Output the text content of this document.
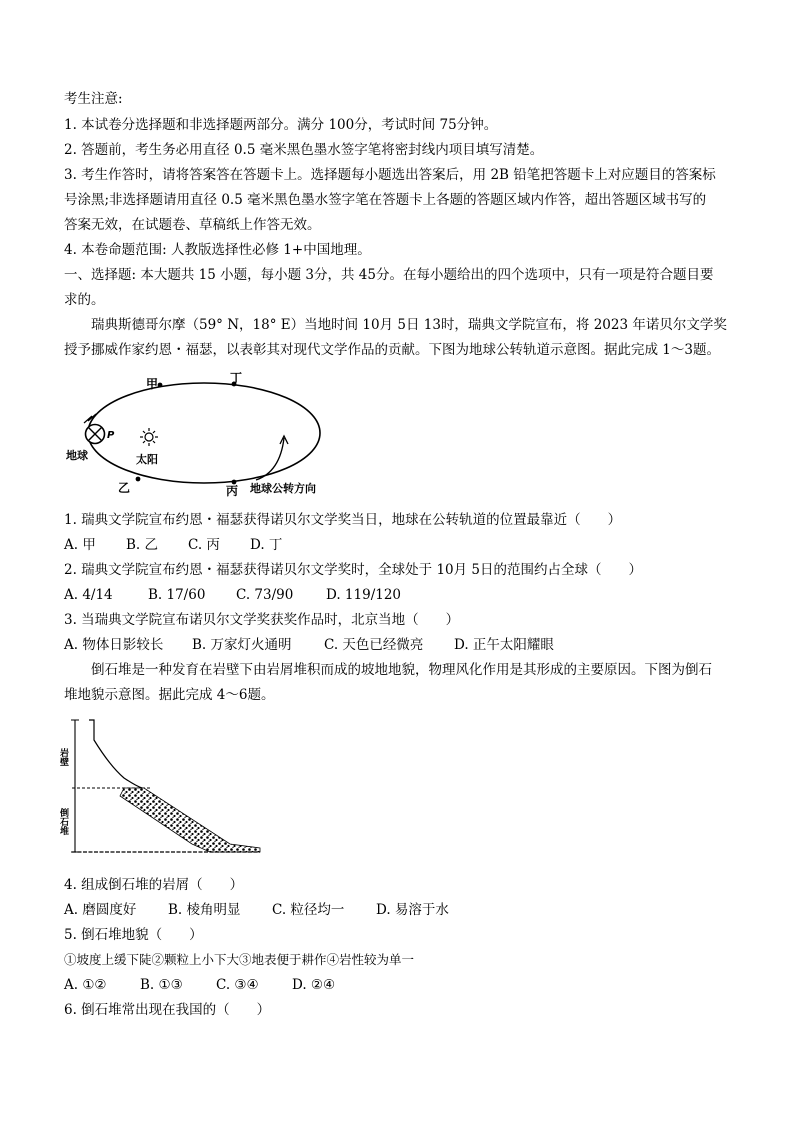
考生注意:
1. 本试卷分选择题和非选择题两部分。满分 100分，考试时间 75分钟。
2. 答题前，考生务必用直径 0.5 毫米黑色墨水签字笔将密封线内项目填写清楚。
3. 考生作答时，请将答案答在答题卡上。选择题每小题选出答案后，用 2B 铅笔把答题卡上对应题目的答案标
号涂黑;非选择题请用直径 0.5 毫米黑色墨水签字笔在答题卡上各题的答题区域内作答，超出答题区域书写的
答案无效，在试题卷、草稿纸上作答无效。
4. 本卷命题范围: 人教版选择性必修 1+中国地理。
一、选择题: 本大题共 15 小题，每小题 3分，共 45分。在每小题给出的四个选项中，只有一项是符合题目要
求的。
瑞典斯德哥尔摩（59° N，18° E）当地时间 10月 5日 13时，瑞典文学院宣布，将 2023 年诺贝尔文学奖
授予挪威作家约恩・福瑟，以表彰其对现代文学作品的贡献。下图为地球公转轨道示意图。据此完成 1～3题。
甲	丁
乙	丙
P
地球	太阳
地球公转方向
1. 瑞典文学院宣布约恩・福瑟获得诺贝尔文学奖当日，地球在公转轨道的位置最靠近（　　）
A. 甲 B. 乙 C. 丙 D. 丁
2. 瑞典文学院宣布约恩・福瑟获得诺贝尔文学奖时，全球处于 10月 5日的范围约占全球（　　）
A. 4/14	B. 17/60 C. 73/90 D. 119/120
3. 当瑞典文学院宣布诺贝尔文学奖获奖作品时，北京当地（　　）
A. 物体日影较长 B. 万家灯火通明 C. 天色已经微亮 D. 正午太阳耀眼
倒石堆是一种发育在岩壁下由岩屑堆积而成的坡地地貌，物理风化作用是其形成的主要原因。下图为倒石
堆地貌示意图。据此完成 4～6题。
岩壁
倒石堆
4. 组成倒石堆的岩屑（　　）
A. 磨圆度好 B. 棱角明显 C. 粒径均一 D. 易溶于水
5. 倒石堆地貌（　　）
①坡度上缓下陡②颗粒上小下大③地表便于耕作④岩性较为单一
A. ①② B. ①③ C. ③④ D. ②④
6. 倒石堆常出现在我国的（　　）
